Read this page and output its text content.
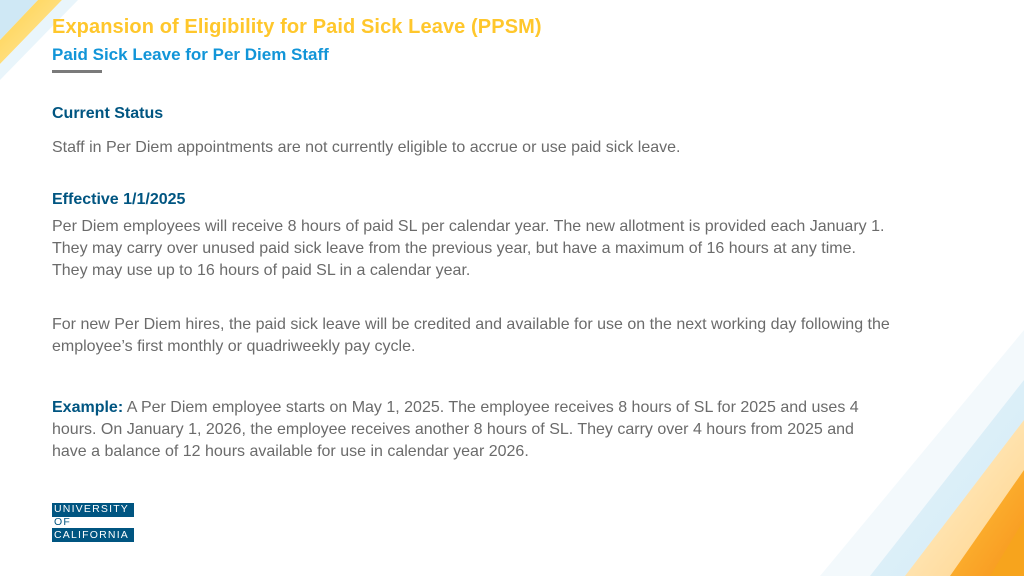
Expansion of Eligibility for Paid Sick Leave (PPSM)
Paid Sick Leave for Per Diem Staff
Current Status

Staff in Per Diem appointments are not currently eligible to accrue or use paid sick leave.

Effective 1/1/2025

Per Diem employees will receive 8 hours of paid SL per calendar year. The new allotment is provided each January 1. They may carry over unused paid sick leave from the previous year, but have a maximum of 16 hours at any time. They may use up to 16 hours of paid SL in a calendar year.

For new Per Diem hires, the paid sick leave will be credited and available for use on the next working day following the employee’s first monthly or quadriweekly pay cycle.

Example: A Per Diem employee starts on May 1, 2025. The employee receives 8 hours of SL for 2025 and uses 4 hours. On January 1, 2026, the employee receives another 8 hours of SL. They carry over 4 hours from 2025 and have a balance of 12 hours available for use in calendar year 2026.

UNIVERSITY
OF
CALIFORNIA
